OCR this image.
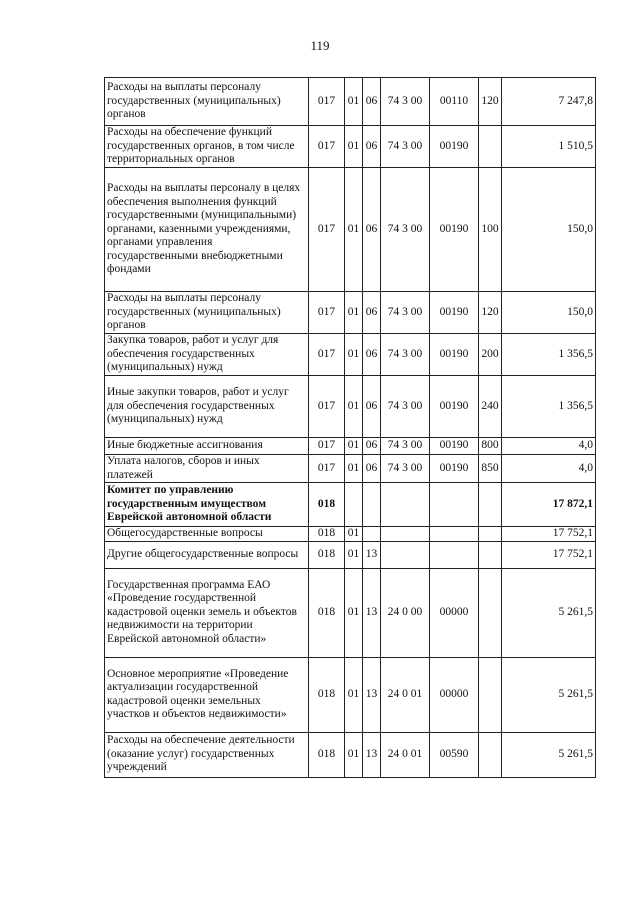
119
Расходы на выплаты персоналу государственных (муниципальных) органов	017	01	06	74 3 00	00110	120	7 247,8
Расходы на обеспечение функций государственных органов, в том числе территориальных органов	017	01	06	74 3 00	00190		1 510,5
Расходы на выплаты персоналу в целях обеспечения выполнения функций государственными (муниципальными) органами, казенными учреждениями, органами управления государственными внебюджетными фондами	017	01	06	74 3 00	00190	100	150,0
Расходы на выплаты персоналу государственных (муниципальных) органов	017	01	06	74 3 00	00190	120	150,0
Закупка товаров, работ и услуг для обеспечения государственных (муниципальных) нужд	017	01	06	74 3 00	00190	200	1 356,5
Иные закупки товаров, работ и услуг для обеспечения государственных (муниципальных) нужд	017	01	06	74 3 00	00190	240	1 356,5
Иные бюджетные ассигнования	017	01	06	74 3 00	00190	800	4,0
Уплата налогов, сборов и иных платежей	017	01	06	74 3 00	00190	850	4,0
Комитет по управлению государственным имуществом Еврейской автономной области	018						17 872,1
Общегосударственные вопросы	018	01					17 752,1
Другие общегосударственные вопросы	018	01	13				17 752,1
Государственная программа ЕАО «Проведение государственной кадастровой оценки земель и объектов недвижимости на территории Еврейской автономной области»	018	01	13	24 0 00	00000		5 261,5
Основное мероприятие «Проведение актуализации государственной кадастровой оценки земельных участков и объектов недвижимости»	018	01	13	24 0 01	00000		5 261,5
Расходы на обеспечение деятельности (оказание услуг) государственных учреждений	018	01	13	24 0 01	00590		5 261,5
